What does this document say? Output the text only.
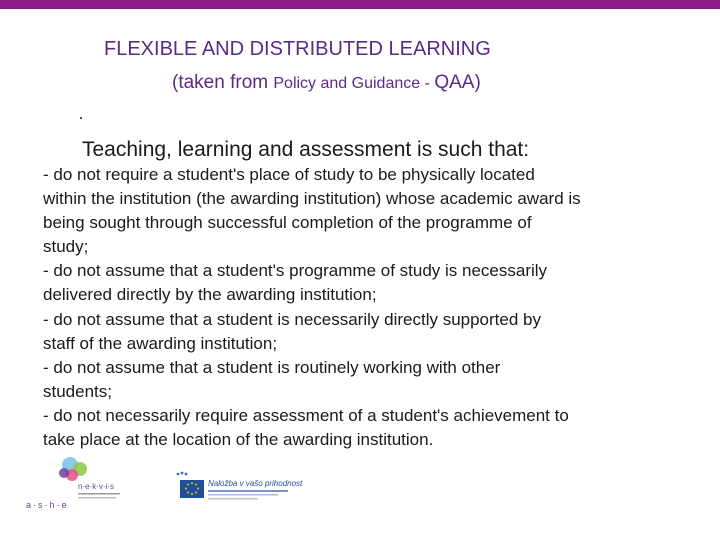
FLEXIBLE AND DISTRIBUTED LEARNING
(taken from Policy and Guidance - QAA)
Teaching, learning and assessment is such that:
- do not require a student's place of study to be physically located
within the institution (the awarding institution) whose academic award is
being sought through successful completion of the programme of
study;
- do not assume that a student's programme of study is necessarily
delivered directly by the awarding institution;
- do not assume that a student is necessarily directly supported by
staff of the awarding institution;
- do not assume that a student is routinely working with other
students;
- do not necessarily require assessment of a student's achievement to
take place at the location of the awarding institution.
n·e·k·v·i·s
a·s·h·e

Naložba v vašo prihodnost
